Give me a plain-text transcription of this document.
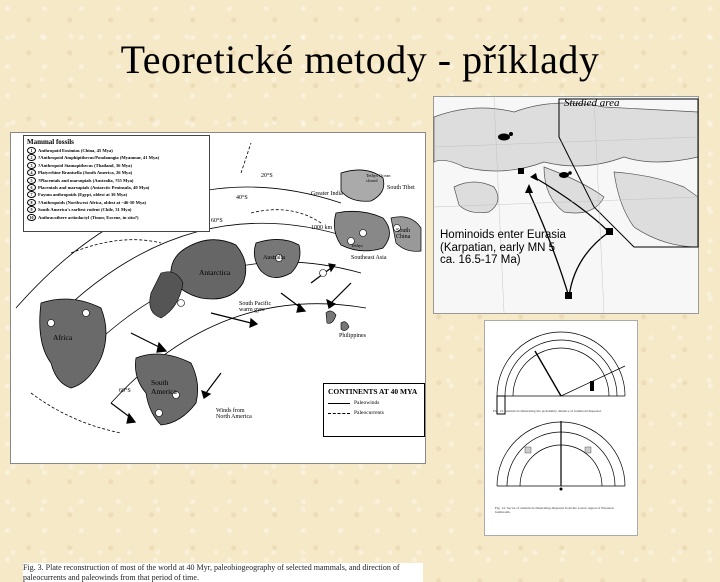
Teoretické metody - příklady
Mammal fossils
1 Anthropoid Eosimias (China, 45 Mya)
2 ?Anthropoid Amphipithecus/Pondaungia (Myanmar, 41 Mya)
3 ?Anthropoid Siamopithecus (Thailand, 36 Mya)
4 Platyrrhine Branisella (South America, 26 Mya)
5 ?Placentals and marsupials (Australia, ?55 Mya)
6 Placentals and marsupials (Antarctic Peninsula, 40 Mya)
7 Fayum anthropoids (Egypt, oldest at 36 Mya)
8 ?Anthropoids (Northwest Africa, oldest at ~46-50 Mya)
9 South America's earliest rodent (Chile, 31 Mya)
10 Anthracothere artiodactyl (Timor, Eocene, in situ?)
Antarctica
Australia
Africa
South America
Greater India
South China
South Tibet
Southeast Asia
Philippines
South Pacific warm gyre
Tethys Ocean closed
1000 km
Winds from North America
20°S
40°S
60°S
60°S
Tethys
CONTINENTS AT 40 MYA
Paleowinds
Paleocurrents
Fig. 3. Plate reconstruction of most of the world at 40 Myr, paleobiogeography of selected mammals, and direction of paleocurrents and paleowinds from that period of time.
Studied area
Hominoids enter Eurasia
(Karpatian, early MN 5
ca. 16.5-17 Ma)
Fig. 13. Semicircle illustrating the probability distance of hominoid dispersal.
Fig. 14. Sector of semicircle illustrating dispersal from the source region of Eurasian hominoids.
